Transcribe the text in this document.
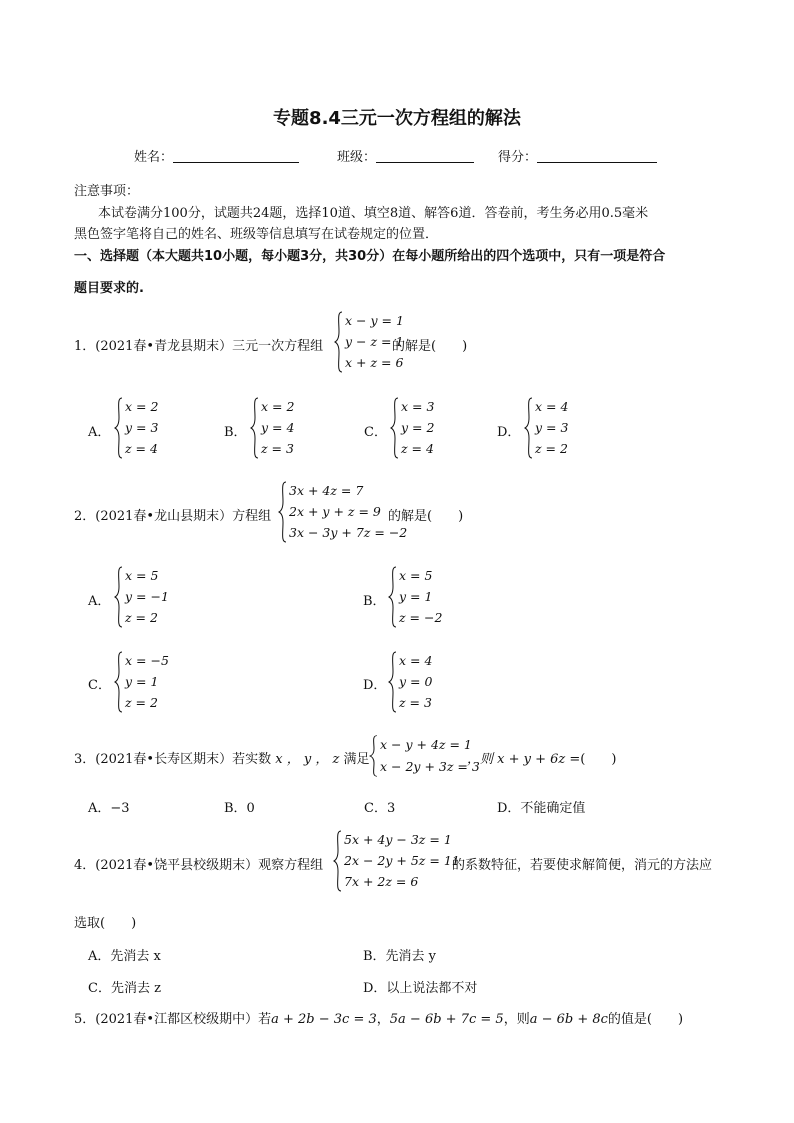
专题8.4三元一次方程组的解法
姓名：	班级：	得分：
注意事项：
本试卷满分100分，试题共24题，选择10道、填空8道、解答6道．答卷前，考生务必用0.5毫米
黑色签字笔将自己的姓名、班级等信息填写在试卷规定的位置．
一、选择题（本大题共10小题，每小题3分，共30分）在每小题所给出的四个选项中，只有一项是符合
题目要求的.
1．(2021春•青龙县期末）三元一次方程组
x − y = 1
y − z = 1
x + z = 6
的解是(　　)
A．
x = 2
y = 3
z = 4
B．
x = 2
y = 4
z = 3
C．
x = 3
y = 2
z = 4
D．
x = 4
y = 3
z = 2
2．(2021春•龙山县期末）方程组
3x + 4z = 7
2x + y + z = 9
3x − 3y + 7z = −2
的解是(　　)
A．
x = 5
y = −1
z = 2
B．
x = 5
y = 1
z = −2
C．
x = −5
y = 1
z = 2
D．
x = 4
y = 0
z = 3
3．(2021春•长寿区期末）若实数 x ， y ， z 满足
x − y + 4z = 1
x − 2y + 3z = 3
，则 x + y + 6z =(　　)
A．−3	B．0	C．3	D．不能确定值
4．(2021春•饶平县校级期末）观察方程组
5x + 4y − 3z = 1
2x − 2y + 5z = 11
7x + 2z = 6
的系数特征，若要使求解简便，消元的方法应
选取(　　)
A．先消去 x	B．先消去 y
C．先消去 z	D．以上说法都不对
5．(2021春•江都区校级期中）若a + 2b − 3c = 3，5a − 6b + 7c = 5，则a − 6b + 8c的值是(　　)
